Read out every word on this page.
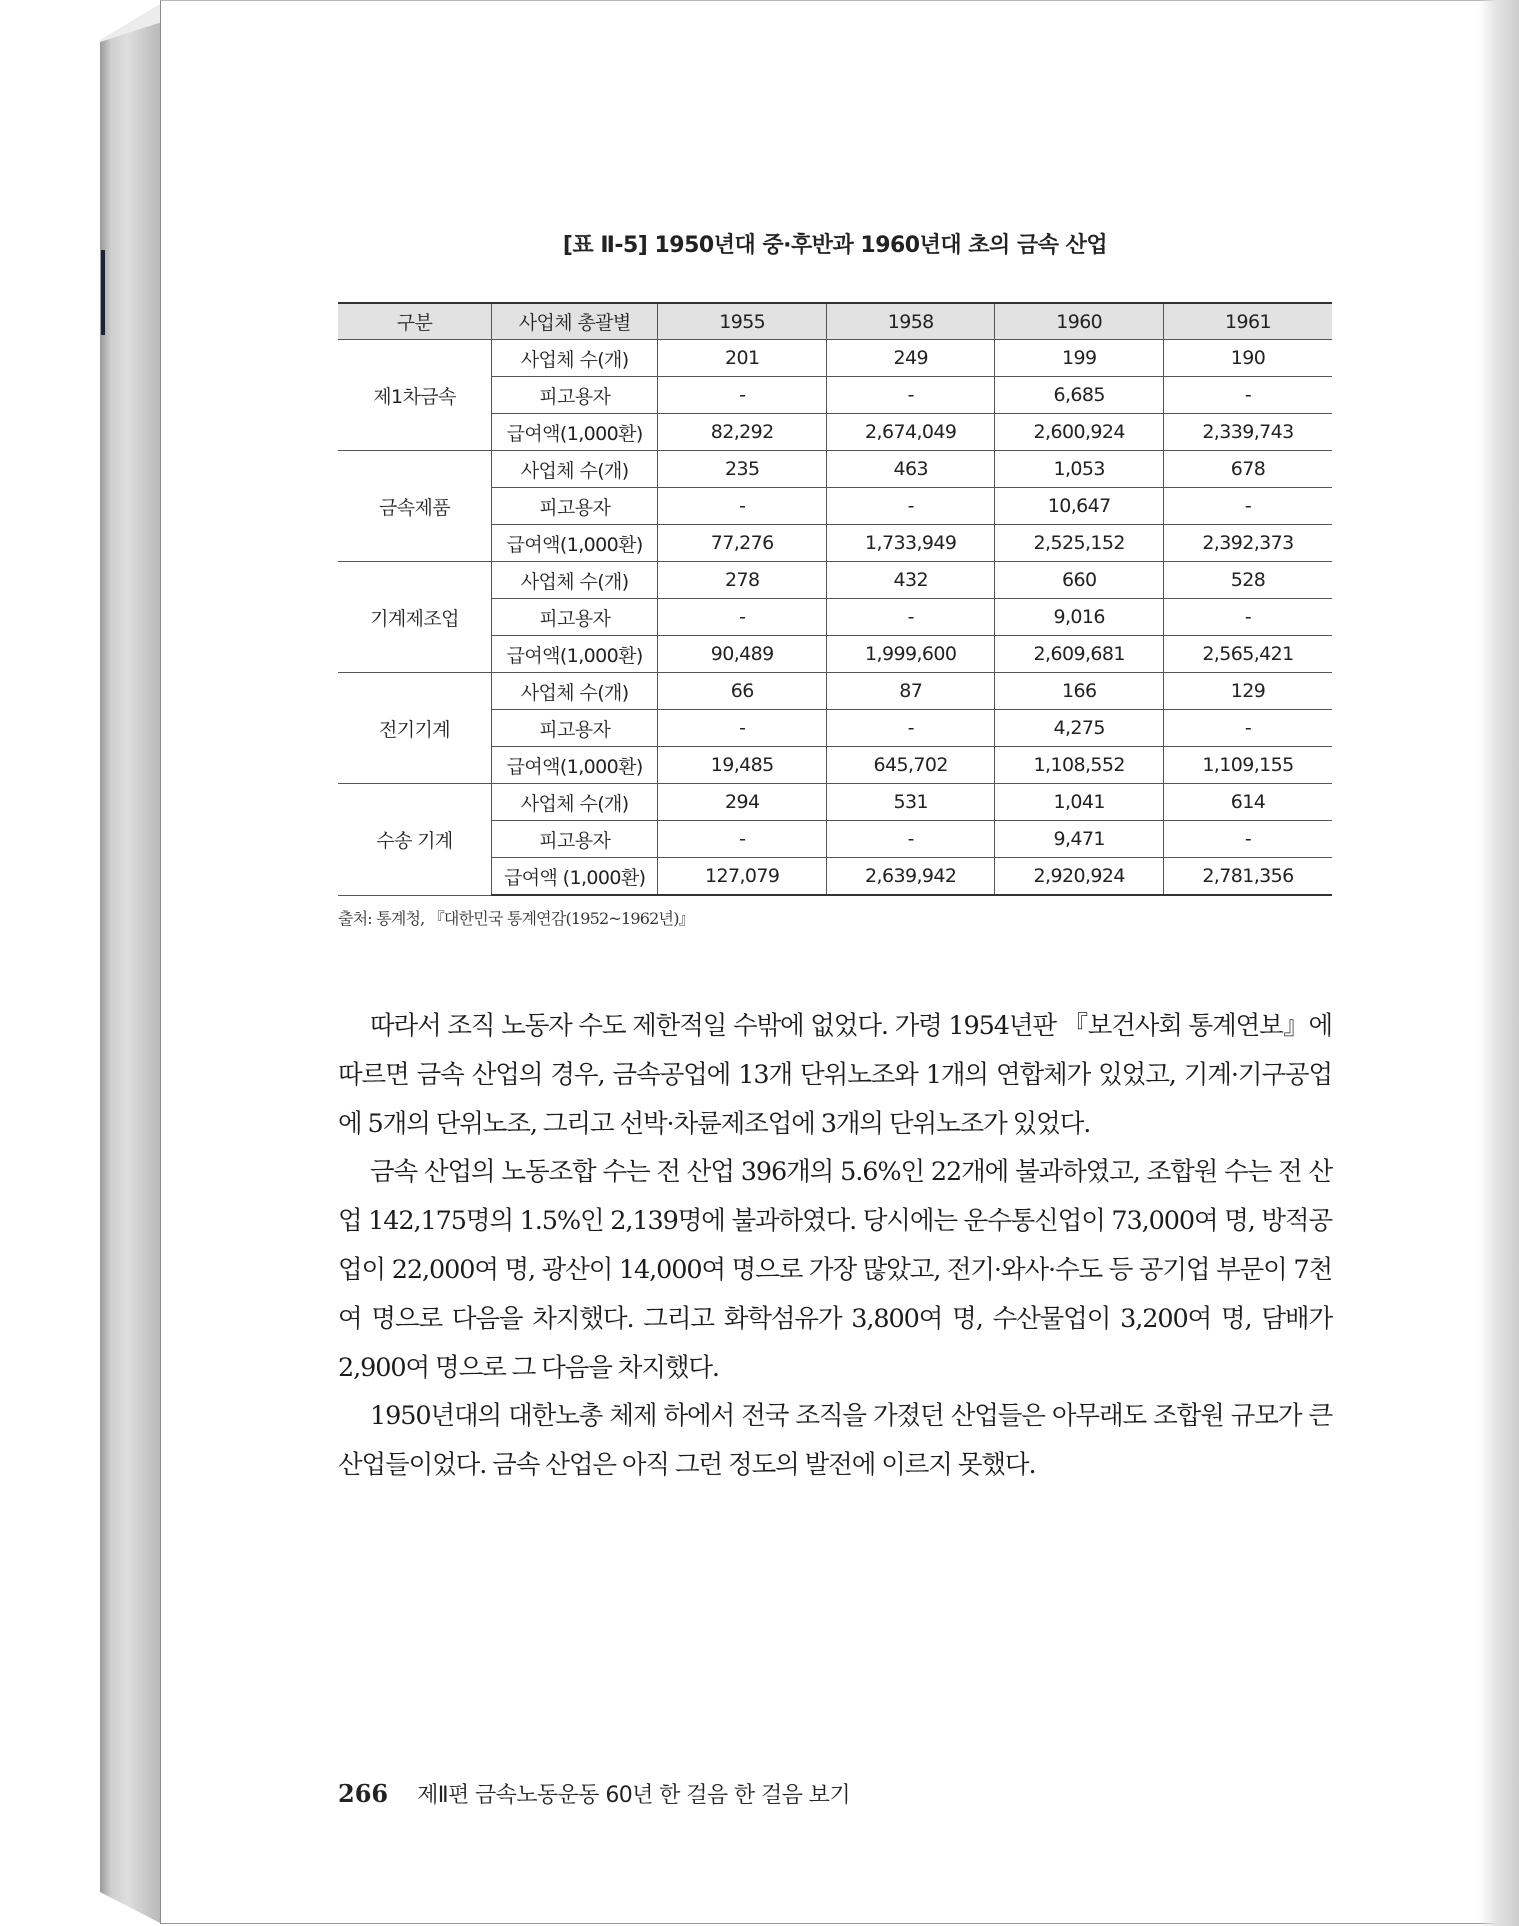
[표 Ⅱ-5] 1950년대 중·후반과 1960년대 초의 금속 산업
구분	사업체 총괄별	1955	1958	1960	1961
제1차금속	사업체 수(개)	201	249	199	190
	피고용자	-	-	6,685	-
	급여액(1,000환)	82,292	2,674,049	2,600,924	2,339,743
금속제품	사업체 수(개)	235	463	1,053	678
	피고용자	-	-	10,647	-
	급여액(1,000환)	77,276	1,733,949	2,525,152	2,392,373
기계제조업	사업체 수(개)	278	432	660	528
	피고용자	-	-	9,016	-
	급여액(1,000환)	90,489	1,999,600	2,609,681	2,565,421
전기기계	사업체 수(개)	66	87	166	129
	피고용자	-	-	4,275	-
	급여액(1,000환)	19,485	645,702	1,108,552	1,109,155
수송 기계	사업체 수(개)	294	531	1,041	614
	피고용자	-	-	9,471	-
	급여액 (1,000환)	127,079	2,639,942	2,920,924	2,781,356
출처: 통계청, 『대한민국 통계연감(1952~1962년)』

따라서 조직 노동자 수도 제한적일 수밖에 없었다. 가령 1954년판 『보건사회 통계연보』에 따르면 금속 산업의 경우, 금속공업에 13개 단위노조와 1개의 연합체가 있었고, 기계·기구공업에 5개의 단위노조, 그리고 선박·차륜제조업에 3개의 단위노조가 있었다.

금속 산업의 노동조합 수는 전 산업 396개의 5.6%인 22개에 불과하였고, 조합원 수는 전 산업 142,175명의 1.5%인 2,139명에 불과하였다. 당시에는 운수통신업이 73,000여 명, 방적공업이 22,000여 명, 광산이 14,000여 명으로 가장 많았고, 전기·와사·수도 등 공기업 부문이 7천여 명으로 다음을 차지했다. 그리고 화학섬유가 3,800여 명, 수산물업이 3,200여 명, 담배가 2,900여 명으로 그 다음을 차지했다.

1950년대의 대한노총 체제 하에서 전국 조직을 가졌던 산업들은 아무래도 조합원 규모가 큰 산업들이었다. 금속 산업은 아직 그런 정도의 발전에 이르지 못했다.

266 제Ⅱ편 금속노동운동 60년 한 걸음 한 걸음 보기
